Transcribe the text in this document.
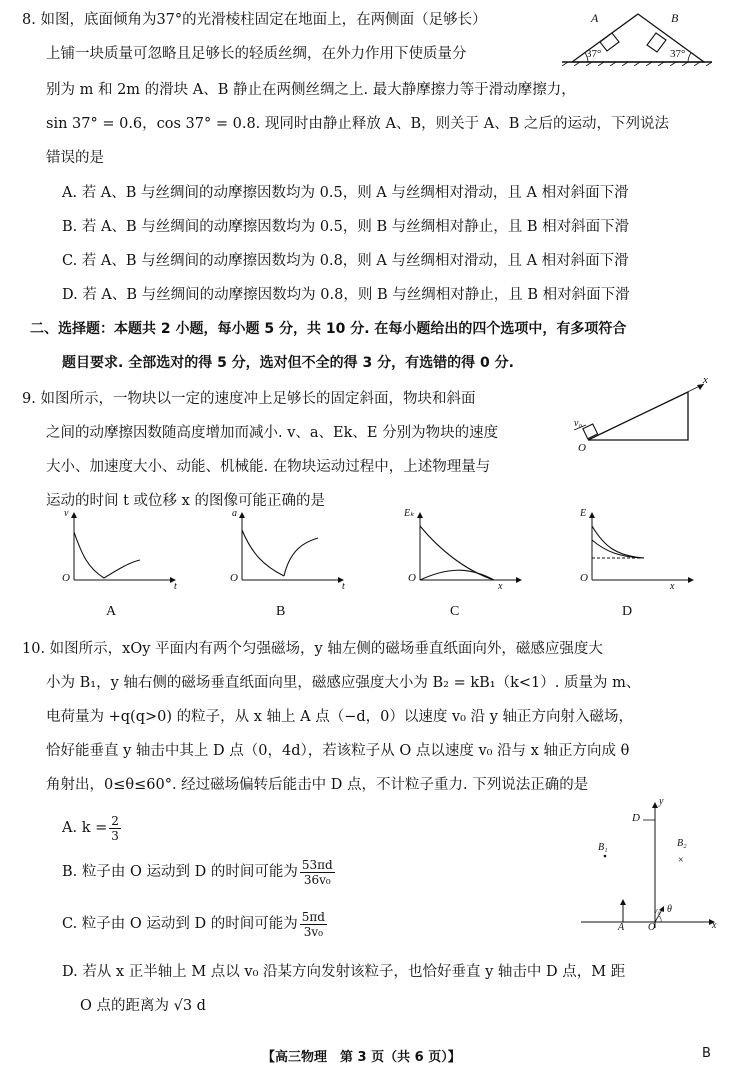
8. 如图，底面倾角为37°的光滑棱柱固定在地面上，在两侧面（足够长）
上铺一块质量可忽略且足够长的轻质丝绸，在外力作用下使质量分
别为 m 和 2m 的滑块 A、B 静止在两侧丝绸之上. 最大静摩擦力等于滑动摩擦力，
sin 37° = 0.6，cos 37° = 0.8. 现同时由静止释放 A、B，则关于 A、B 之后的运动，下列说法
错误的是
A. 若 A、B 与丝绸间的动摩擦因数均为 0.5，则 A 与丝绸相对滑动，且 A 相对斜面下滑
B. 若 A、B 与丝绸间的动摩擦因数均为 0.5，则 B 与丝绸相对静止，且 B 相对斜面下滑
C. 若 A、B 与丝绸间的动摩擦因数均为 0.8，则 A 与丝绸相对滑动，且 A 相对斜面下滑
D. 若 A、B 与丝绸间的动摩擦因数均为 0.8，则 B 与丝绸相对静止，且 B 相对斜面下滑
A	B
37°	37°
二、选择题：本题共 2 小题，每小题 5 分，共 10 分. 在每小题给出的四个选项中，有多项符合
题目要求. 全部选对的得 5 分，选对但不全的得 3 分，有选错的得 0 分.
9. 如图所示，一物块以一定的速度冲上足够长的固定斜面，物块和斜面
之间的动摩擦因数随高度增加而减小. v、a、Ek、E 分别为物块的速度
大小、加速度大小、动能、机械能. 在物块运动过程中，上述物理量与
运动的时间 t 或位移 x 的图像可能正确的是
x
v₀
O
v
t
O
A
a
t
O
B
Eₖ
x
O
C
E
x
O
D
10. 如图所示，xOy 平面内有两个匀强磁场，y 轴左侧的磁场垂直纸面向外，磁感应强度大
小为 B₁，y 轴右侧的磁场垂直纸面向里，磁感应强度大小为 B₂ = kB₁（k<1）. 质量为 m、
电荷量为 +q(q>0) 的粒子，从 x 轴上 A 点（−d，0）以速度 v₀ 沿 y 轴正方向射入磁场，
恰好能垂直 y 轴击中其上 D 点（0，4d），若该粒子从 O 点以速度 v₀ 沿与 x 轴正方向成 θ
角射出，0≤θ≤60°. 经过磁场偏转后能击中 D 点，不计粒子重力. 下列说法正确的是
A. $k = \frac{2}{3}$
B. 粒子由 O 运动到 D 的时间可能为 $\frac{53\pi d}{\text{36v₀}}$
C. 粒子由 O 运动到 D 的时间可能为 $\frac{5\pi d}{\text{3v₀}}$
D. 若从 x 正半轴上 M 点以 v₀ 沿某方向发射该粒子，也恰好垂直 y 轴击中 D 点，M 距
O 点的距离为 √3 d
×
y
x
D
A O
B₁	B₂
θ
v₀
【高三物理　第 3 页（共 6 页）】	B
